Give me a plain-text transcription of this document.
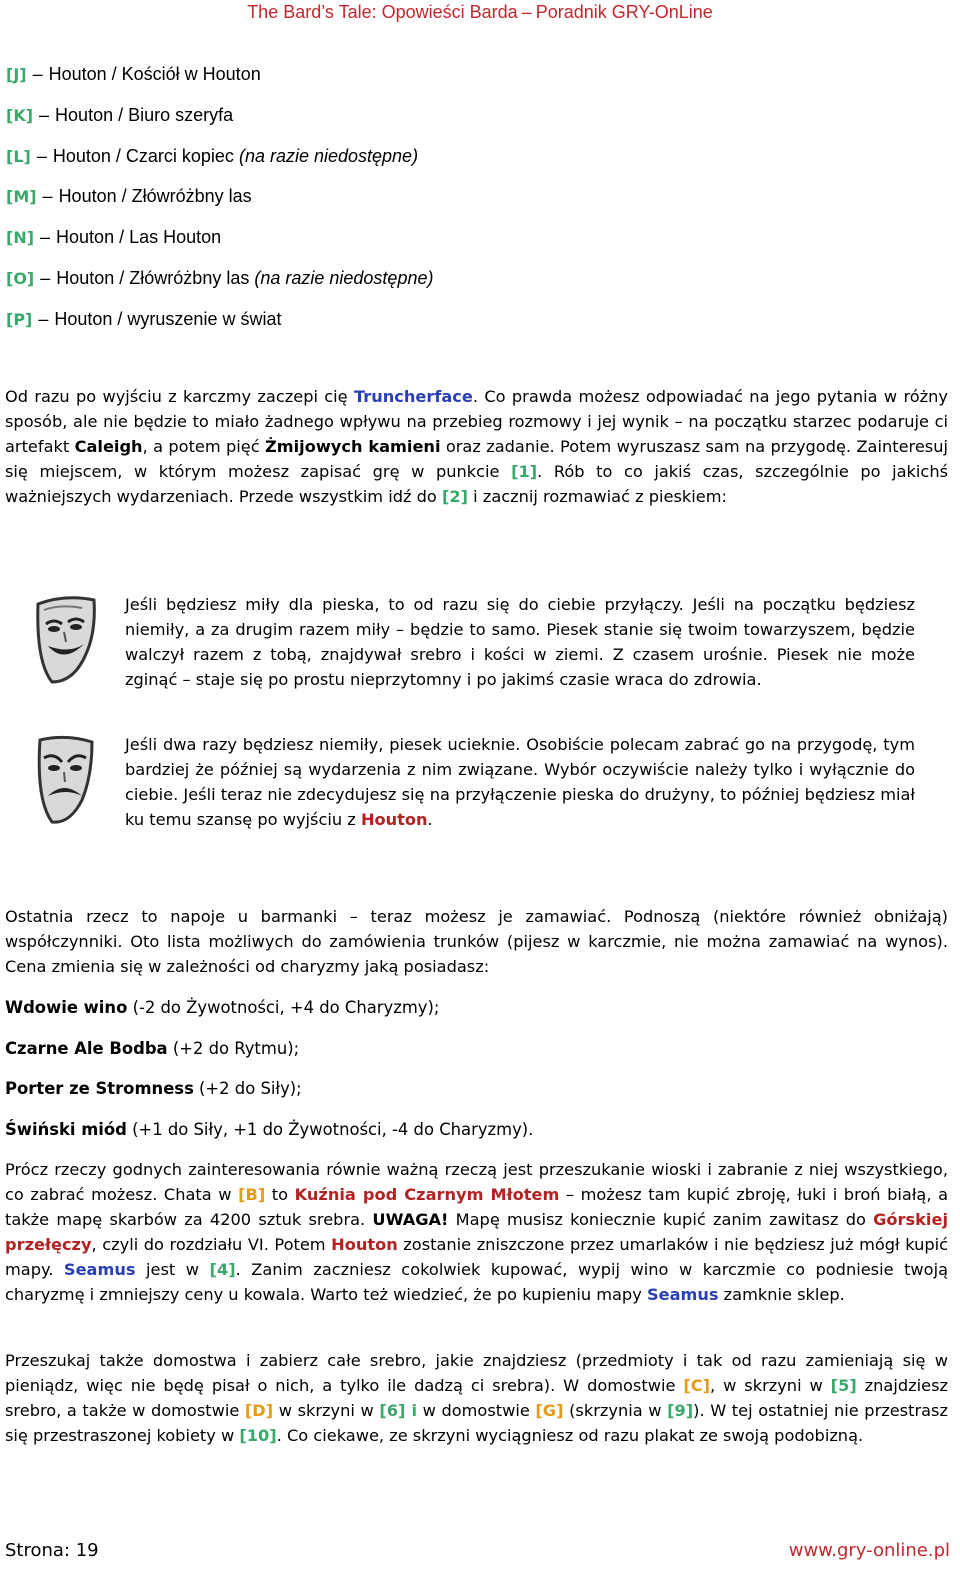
The Bard’s Tale: Opowieści Barda – Poradnik GRY-OnLine
[J] – Houton / Kościół w Houton
[K] – Houton / Biuro szeryfa
[L] – Houton / Czarci kopiec (na razie niedostępne)
[M] – Houton / Złówróżbny las
[N] – Houton / Las Houton
[O] – Houton / Złówróżbny las (na razie niedostępne)
[P] – Houton / wyruszenie w świat
Od razu po wyjściu z karczmy zaczepi cię Truncherface. Co prawda możesz odpowiadać na jego pytania w różny sposób, ale nie będzie to miało żadnego wpływu na przebieg rozmowy i jej wynik – na początku starzec podaruje ci artefakt Caleigh, a potem pięć Żmijowych kamieni oraz zadanie. Potem wyruszasz sam na przygodę. Zainteresuj się miejscem, w którym możesz zapisać grę w punkcie [1]. Rób to co jakiś czas, szczególnie po jakichś ważniejszych wydarzeniach. Przede wszystkim idź do [2] i zacznij rozmawiać z pieskiem:
Jeśli będziesz miły dla pieska, to od razu się do ciebie przyłączy. Jeśli na początku będziesz niemiły, a za drugim razem miły – będzie to samo. Piesek stanie się twoim towarzyszem, będzie walczył razem z tobą, znajdywał srebro i kości w ziemi. Z czasem urośnie. Piesek nie może zginąć – staje się po prostu nieprzytomny i po jakimś czasie wraca do zdrowia.
Jeśli dwa razy będziesz niemiły, piesek ucieknie. Osobiście polecam zabrać go na przygodę, tym bardziej że później są wydarzenia z nim związane. Wybór oczywiście należy tylko i wyłącznie do ciebie. Jeśli teraz nie zdecydujesz się na przyłączenie pieska do drużyny, to później będziesz miał ku temu szansę po wyjściu z Houton.
Ostatnia rzecz to napoje u barmanki – teraz możesz je zamawiać. Podnoszą (niektóre również obniżają) współczynniki. Oto lista możliwych do zamówienia trunków (pijesz w karczmie, nie można zamawiać na wynos). Cena zmienia się w zależności od charyzmy jaką posiadasz:
Wdowie wino (-2 do Żywotności, +4 do Charyzmy);
Czarne Ale Bodba (+2 do Rytmu);
Porter ze Stromness (+2 do Siły);
Świński miód (+1 do Siły, +1 do Żywotności, -4 do Charyzmy).
Prócz rzeczy godnych zainteresowania równie ważną rzeczą jest przeszukanie wioski i zabranie z niej wszystkiego, co zabrać możesz. Chata w [B] to Kuźnia pod Czarnym Młotem – możesz tam kupić zbroję, łuki i broń białą, a także mapę skarbów za 4200 sztuk srebra. UWAGA! Mapę musisz koniecznie kupić zanim zawitasz do Górskiej przełęczy, czyli do rozdziału VI. Potem Houton zostanie zniszczone przez umarlaków i nie będziesz już mógł kupić mapy. Seamus jest w [4]. Zanim zaczniesz cokolwiek kupować, wypij wino w karczmie co podniesie twoją charyzmę i zmniejszy ceny u kowala. Warto też wiedzieć, że po kupieniu mapy Seamus zamknie sklep.
Przeszukaj także domostwa i zabierz całe srebro, jakie znajdziesz (przedmioty i tak od razu zamieniają się w pieniądz, więc nie będę pisał o nich, a tylko ile dadzą ci srebra). W domostwie [C], w skrzyni w [5] znajdziesz srebro, a także w domostwie [D] w skrzyni w [6] i w domostwie [G] (skrzynia w [9]). W tej ostatniej nie przestrasz się przestraszonej kobiety w [10]. Co ciekawe, ze skrzyni wyciągniesz od razu plakat ze swoją podobizną.
Strona: 19	www.gry-online.pl
